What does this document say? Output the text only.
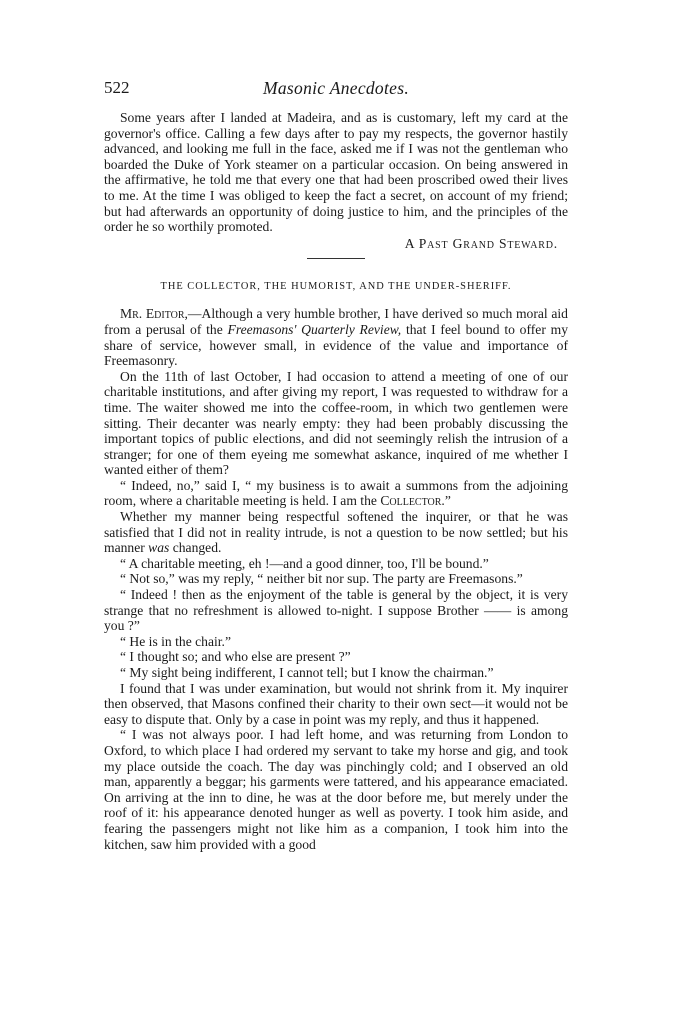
522	Masonic Anecdotes.

Some years after I landed at Madeira, and as is customary, left my card at the governor's office. Calling a few days after to pay my respects, the governor hastily advanced, and looking me full in the face, asked me if I was not the gentleman who boarded the Duke of York steamer on a particular occasion. On being answered in the affirmative, he told me that every one that had been proscribed owed their lives to me. At the time I was obliged to keep the fact a secret, on account of my friend; but had afterwards an opportunity of doing justice to him, and the principles of the order he so worthily promoted.

A Past Grand Steward.
THE COLLECTOR, THE HUMORIST, AND THE UNDER-SHERIFF.

Mr. Editor,—Although a very humble brother, I have derived so much moral aid from a perusal of the Freemasons' Quarterly Review, that I feel bound to offer my share of service, however small, in evidence of the value and importance of Freemasonry.

On the 11th of last October, I had occasion to attend a meeting of one of our charitable institutions, and after giving my report, I was requested to withdraw for a time. The waiter showed me into the coffee-room, in which two gentlemen were sitting. Their decanter was nearly empty: they had been probably discussing the important topics of public elections, and did not seemingly relish the intrusion of a stranger; for one of them eyeing me somewhat askance, inquired of me whether I wanted either of them?

“ Indeed, no,” said I, “ my business is to await a summons from the adjoining room, where a charitable meeting is held. I am the Collector.”

Whether my manner being respectful softened the inquirer, or that he was satisfied that I did not in reality intrude, is not a question to be now settled; but his manner was changed.

“ A charitable meeting, eh !—and a good dinner, too, I'll be bound.”

“ Not so,” was my reply, “ neither bit nor sup. The party are Freemasons.”

“ Indeed ! then as the enjoyment of the table is general by the object, it is very strange that no refreshment is allowed to-night. I suppose Brother —— is among you ?”

“ He is in the chair.”

“ I thought so; and who else are present ?”

“ My sight being indifferent, I cannot tell; but I know the chairman.”

I found that I was under examination, but would not shrink from it. My inquirer then observed, that Masons confined their charity to their own sect—it would not be easy to dispute that. Only by a case in point was my reply, and thus it happened.

“ I was not always poor. I had left home, and was returning from London to Oxford, to which place I had ordered my servant to take my horse and gig, and took my place outside the coach. The day was pinchingly cold; and I observed an old man, apparently a beggar; his garments were tattered, and his appearance emaciated. On arriving at the inn to dine, he was at the door before me, but merely under the roof of it: his appearance denoted hunger as well as poverty. I took him aside, and fearing the passengers might not like him as a companion, I took him into the kitchen, saw him provided with a good
